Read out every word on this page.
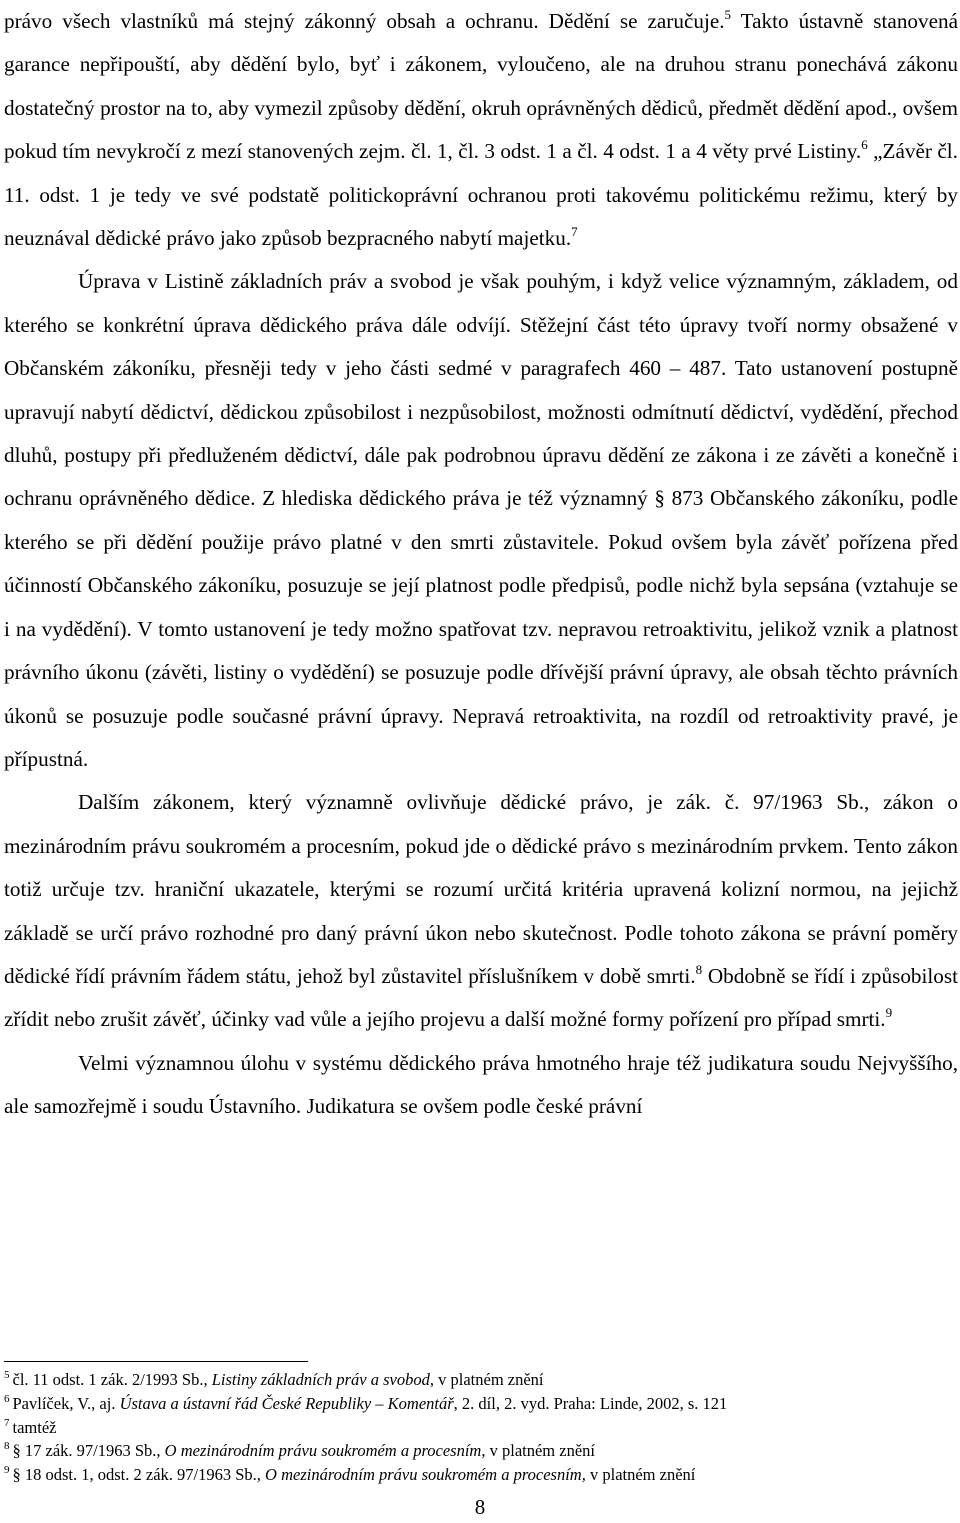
právo všech vlastníků má stejný zákonný obsah a ochranu. Dědění se zaručuje.$^5$ Takto ústavně stanovená garance nepřipouští, aby dědění bylo, byť i zákonem, vyloučeno, ale na druhou stranu ponechává zákonu dostatečný prostor na to, aby vymezil způsoby dědění, okruh oprávněných dědiců, předmět dědění apod., ovšem pokud tím nevykročí z mezí stanovených zejm. čl. 1, čl. 3 odst. 1 a čl. 4 odst. 1 a 4 věty prvé Listiny.$^6$ „Závěr čl. 11. odst. 1 je tedy ve své podstatě politickoprávní ochranou proti takovému politickému režimu, který by neuznával dědické právo jako způsob bezpracného nabytí majetku.$^7$

Úprava v Listině základních práv a svobod je však pouhým, i když velice významným, základem, od kterého se konkrétní úprava dědického práva dále odvíjí. Stěžejní část této úpravy tvoří normy obsažené v Občanském zákoníku, přesněji tedy v jeho části sedmé v paragrafech 460 – 487. Tato ustanovení postupně upravují nabytí dědictví, dědickou způsobilost i nezpůsobilost, možnosti odmítnutí dědictví, vydědění, přechod dluhů, postupy při předluženém dědictví, dále pak podrobnou úpravu dědění ze zákona i ze závěti a konečně i ochranu oprávněného dědice. Z hlediska dědického práva je též významný § 873 Občanského zákoníku, podle kterého se při dědění použije právo platné v den smrti zůstavitele. Pokud ovšem byla závěť pořízena před účinností Občanského zákoníku, posuzuje se její platnost podle předpisů, podle nichž byla sepsána (vztahuje se i na vydědění). V tomto ustanovení je tedy možno spatřovat tzv. nepravou retroaktivitu, jelikož vznik a platnost právního úkonu (závěti, listiny o vydědění) se posuzuje podle dřívější právní úpravy, ale obsah těchto právních úkonů se posuzuje podle současné právní úpravy. Nepravá retroaktivita, na rozdíl od retroaktivity pravé, je přípustná.

Dalším zákonem, který významně ovlivňuje dědické právo, je zák. č. 97/1963 Sb., zákon o mezinárodním právu soukromém a procesním, pokud jde o dědické právo s mezinárodním prvkem. Tento zákon totiž určuje tzv. hraniční ukazatele, kterými se rozumí určitá kritéria upravená kolizní normou, na jejichž základě se určí právo rozhodné pro daný právní úkon nebo skutečnost. Podle tohoto zákona se právní poměry dědické řídí právním řádem státu, jehož byl zůstavitel příslušníkem v době smrti.$^8$ Obdobně se řídí i způsobilost zřídit nebo zrušit závěť, účinky vad vůle a jejího projevu a další možné formy pořízení pro případ smrti.$^9$

Velmi významnou úlohu v systému dědického práva hmotného hraje též judikatura soudu Nejvyššího, ale samozřejmě i soudu Ústavního. Judikatura se ovšem podle české právní

$^5$ čl. 11 odst. 1 zák. 2/1993 Sb., Listiny základních práv a svobod, v platném znění

$^6$ Pavlíček, V., aj. Ústava a ústavní řád České Republiky – Komentář, 2. díl, 2. vyd. Praha: Linde, 2002, s. 121

$^7$ tamtéž

$^8$ § 17 zák. 97/1963 Sb., O mezinárodním právu soukromém a procesním, v platném znění

$^9$ § 18 odst. 1, odst. 2 zák. 97/1963 Sb., O mezinárodním právu soukromém a procesním, v platném znění

8
